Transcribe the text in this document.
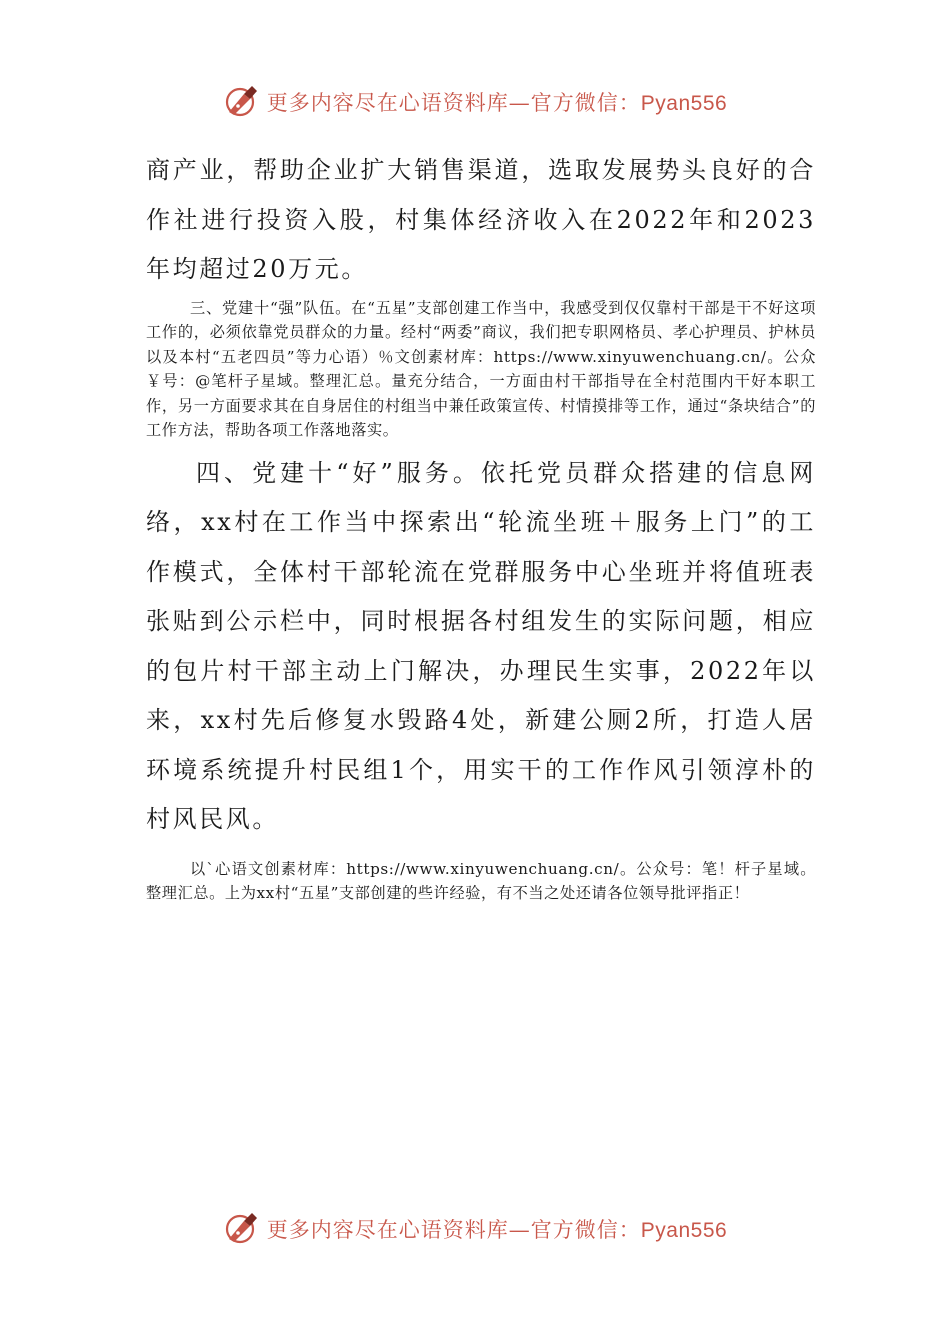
更多内容尽在心语资料库—官方微信：Pyan556

商产业，帮助企业扩大销售渠道，选取发展势头良好的合作社进行投资入股，村集体经济收入在2022年和2023年均超过20万元。

三、党建十“强”队伍。在“五星”支部创建工作当中，我感受到仅仅靠村干部是干不好这项工作的，必须依靠党员群众的力量。经村“两委”商议，我们把专职网格员、孝心护理员、护林员以及本村“五老四员”等力心语）％文创素材库：https://www.xinyuwenchuang.cn/。公众￥号：@笔杆子星域。整理汇总。量充分结合，一方面由村干部指导在全村范围内干好本职工作，另一方面要求其在自身居住的村组当中兼任政策宣传、村情摸排等工作，通过“条块结合”的工作方法，帮助各项工作落地落实。

四、党建十“好”服务。依托党员群众搭建的信息网络，xx村在工作当中探索出“轮流坐班＋服务上门”的工作模式，全体村干部轮流在党群服务中心坐班并将值班表张贴到公示栏中，同时根据各村组发生的实际问题，相应的包片村干部主动上门解决，办理民生实事，2022年以来，xx村先后修复水毁路4处，新建公厕2所，打造人居环境系统提升村民组1个，用实干的工作作风引领淳朴的村风民风。

以`心语文创素材库：https://www.xinyuwenchuang.cn/。公众号：笔！杆子星域。整理汇总。上为xx村“五星”支部创建的些许经验，有不当之处还请各位领导批评指正！

更多内容尽在心语资料库—官方微信：Pyan556
